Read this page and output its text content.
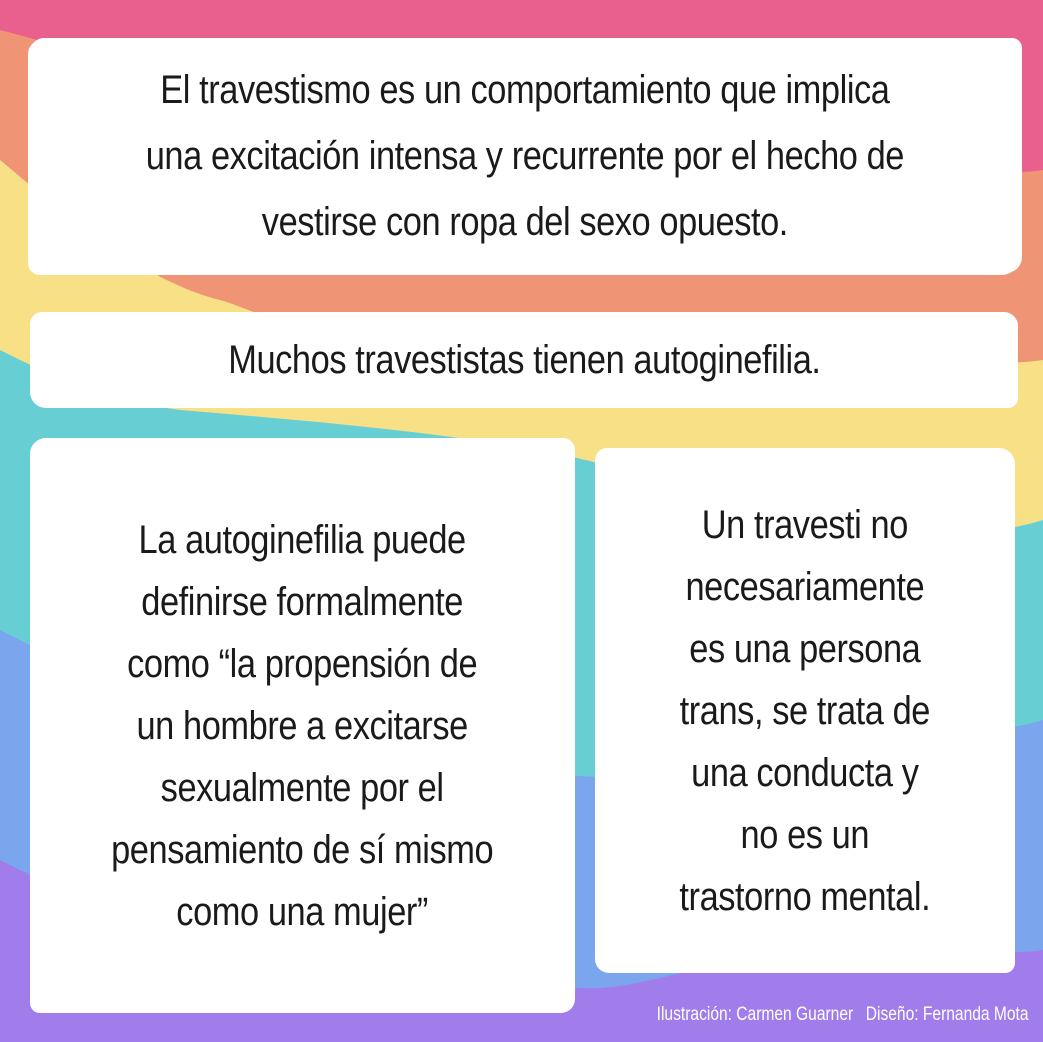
El travestismo es un comportamiento que implica
una excitación intensa y recurrente por el hecho de
vestirse con ropa del sexo opuesto.
Muchos travestistas tienen autoginefilia.
La autoginefilia puede
definirse formalmente
como “la propensión de
un hombre a excitarse
sexualmente por el
pensamiento de sí mismo
como una mujer”
Un travesti no
necesariamente
es una persona
trans, se trata de
una conducta y
no es un
trastorno mental.
Ilustración: Carmen Guarner Diseño: Fernanda Mota
